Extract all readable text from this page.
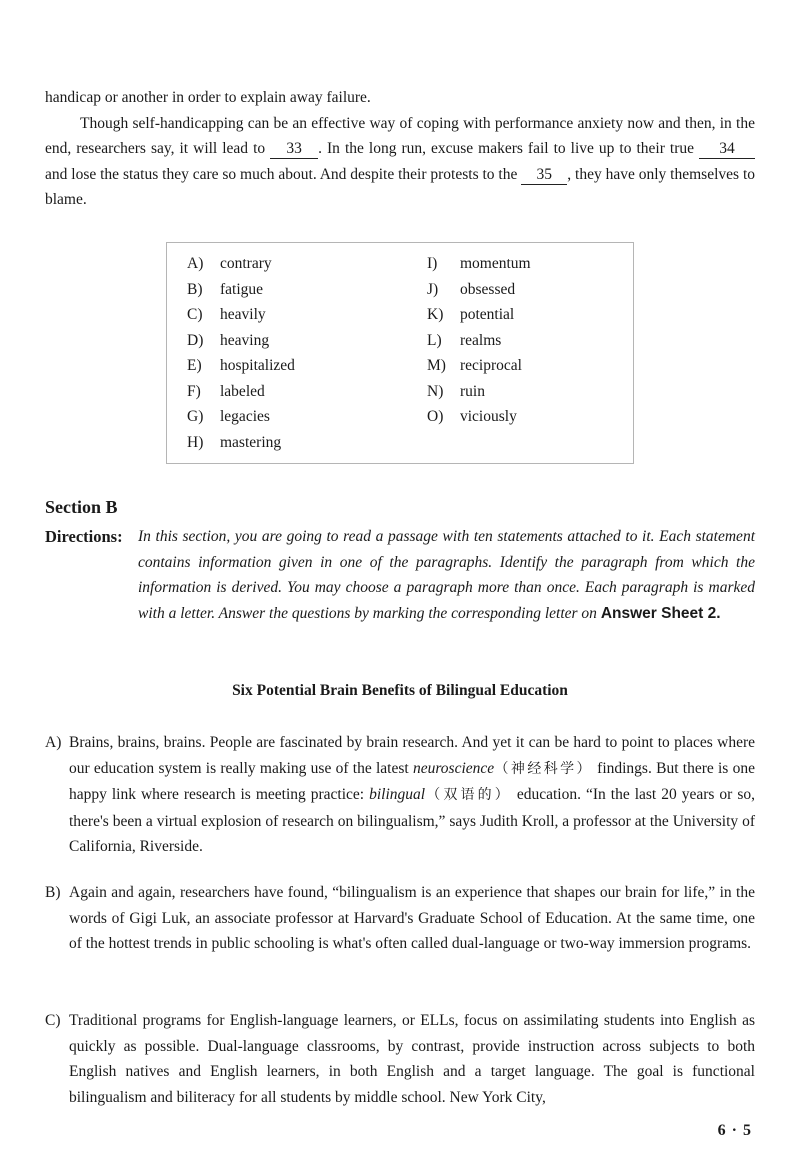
handicap or another in order to explain away failure.

Though self-handicapping can be an effective way of coping with performance anxiety now and then, in the end, researchers say, it will lead to 33 . In the long run, excuse makers fail to live up to their true 34 and lose the status they care so much about. And despite their protests to the 35 , they have only themselves to blame.

A) contrary
B) fatigue
C) heavily
D) heaving
E) hospitalized
F) labeled
G) legacies
H) mastering
I) momentum
J) obsessed
K) potential
L) realms
M) reciprocal
N) ruin
O) viciously
Section B
Directions: In this section, you are going to read a passage with ten statements attached to it. Each statement contains information given in one of the paragraphs. Identify the paragraph from which the information is derived. You may choose a paragraph more than once. Each paragraph is marked with a letter. Answer the questions by marking the corresponding letter on Answer Sheet 2.
Six Potential Brain Benefits of Bilingual Education
A) Brains, brains, brains. People are fascinated by brain research. And yet it can be hard to point to places where our education system is really making use of the latest neuroscience（神经科学） findings. But there is one happy link where research is meeting practice: bilingual（双语的） education. “In the last 20 years or so, there's been a virtual explosion of research on bilingualism,” says Judith Kroll, a professor at the University of California, Riverside.
B) Again and again, researchers have found, “bilingualism is an experience that shapes our brain for life,” in the words of Gigi Luk, an associate professor at Harvard's Graduate School of Education. At the same time, one of the hottest trends in public schooling is what's often called dual-language or two-way immersion programs.
C) Traditional programs for English-language learners, or ELLs, focus on assimilating students into English as quickly as possible. Dual-language classrooms, by contrast, provide instruction across subjects to both English natives and English learners, in both English and a target language. The goal is functional bilingualism and biliteracy for all students by middle school. New York City,
6 · 5
